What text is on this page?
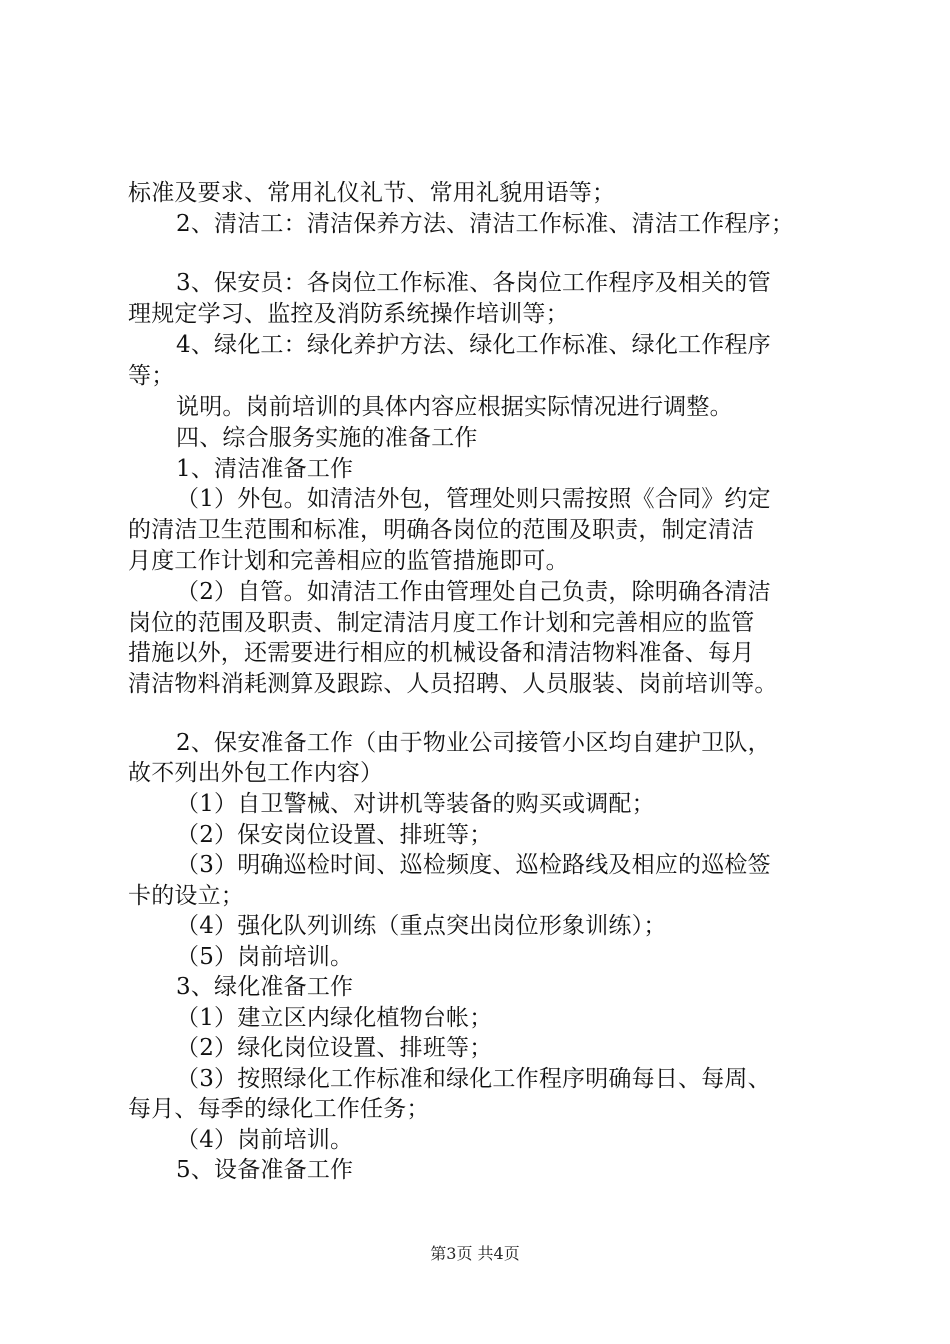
标准及要求、常用礼仪礼节、常用礼貌用语等；
2、清洁工：清洁保养方法、清洁工作标准、清洁工作程序；
3、保安员：各岗位工作标准、各岗位工作程序及相关的管
理规定学习、监控及消防系统操作培训等；
4、绿化工：绿化养护方法、绿化工作标准、绿化工作程序
等；
说明。岗前培训的具体内容应根据实际情况进行调整。
四、综合服务实施的准备工作
1、清洁准备工作
（1）外包。如清洁外包，管理处则只需按照《合同》约定
的清洁卫生范围和标准，明确各岗位的范围及职责，制定清洁
月度工作计划和完善相应的监管措施即可。
（2）自管。如清洁工作由管理处自己负责，除明确各清洁
岗位的范围及职责、制定清洁月度工作计划和完善相应的监管
措施以外，还需要进行相应的机械设备和清洁物料准备、每月
清洁物料消耗测算及跟踪、人员招聘、人员服装、岗前培训等。
2、保安准备工作（由于物业公司接管小区均自建护卫队，
故不列出外包工作内容）
（1）自卫警械、对讲机等装备的购买或调配；
（2）保安岗位设置、排班等；
（3）明确巡检时间、巡检频度、巡检路线及相应的巡检签
卡的设立；
（4）强化队列训练（重点突出岗位形象训练）；
（5）岗前培训。
3、绿化准备工作
（1）建立区内绿化植物台帐；
（2）绿化岗位设置、排班等；
（3）按照绿化工作标准和绿化工作程序明确每日、每周、
每月、每季的绿化工作任务；
（4）岗前培训。
5、设备准备工作
第3页 共4页
